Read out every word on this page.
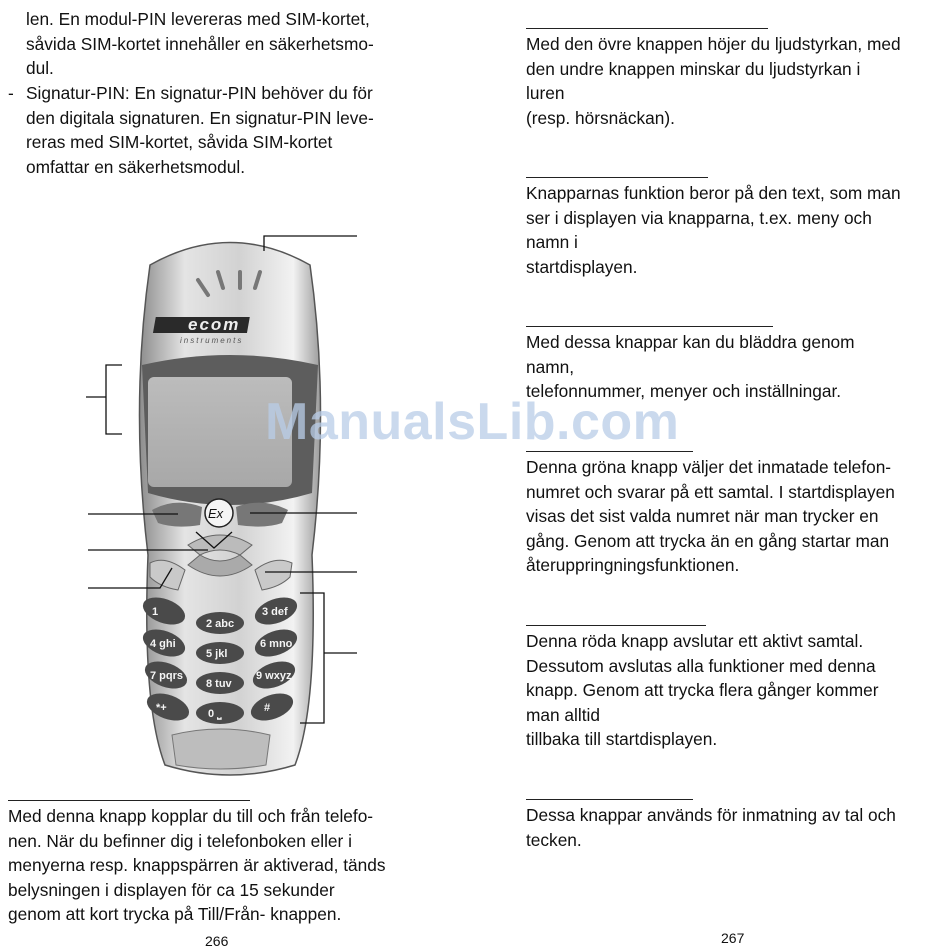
len. En modul-PIN levereras med SIM-kortet,
såvida SIM-kortet innehåller en säkerhetsmo-
dul.
- Signatur-PIN: En signatur-PIN behöver du för
den digitala signaturen. En signatur-PIN leve-
reras med SIM-kortet, såvida SIM-kortet
omfattar en säkerhetsmodul.
ecom
instruments
Ex
1
2 abc
3 def
4 ghi
5 jkl
6 mno
7 pqrs
8 tuv
9 wxyz
*+	0 ⎵	#
Med denna knapp kopplar du till och från telefo-
nen. När du befinner dig i telefonboken eller i
menyerna resp. knappspärren är aktiverad, tänds
belysningen i displayen för ca 15 sekunder
genom att kort trycka på Till/Från- knappen.
266
Med den övre knappen höjer du ljudstyrkan, med
den undre knappen minskar du ljudstyrkan i
luren
(resp. hörsnäckan).
Knapparnas funktion beror på den text, som man
ser i displayen via knapparna, t.ex. meny och
namn i
startdisplayen.
Med dessa knappar kan du bläddra genom
namn,
telefonnummer, menyer och inställningar.
Denna gröna knapp väljer det inmatade telefon-
numret och svarar på ett samtal. I startdisplayen
visas det sist valda numret när man trycker en
gång. Genom att trycka än en gång startar man
återuppringningsfunktionen.
Denna röda knapp avslutar ett aktivt samtal.
Dessutom avslutas alla funktioner med denna
knapp. Genom att trycka flera gånger kommer
man alltid
tillbaka till startdisplayen.
Dessa knappar används för inmatning av tal och
tecken.
267
ManualsLib.com
